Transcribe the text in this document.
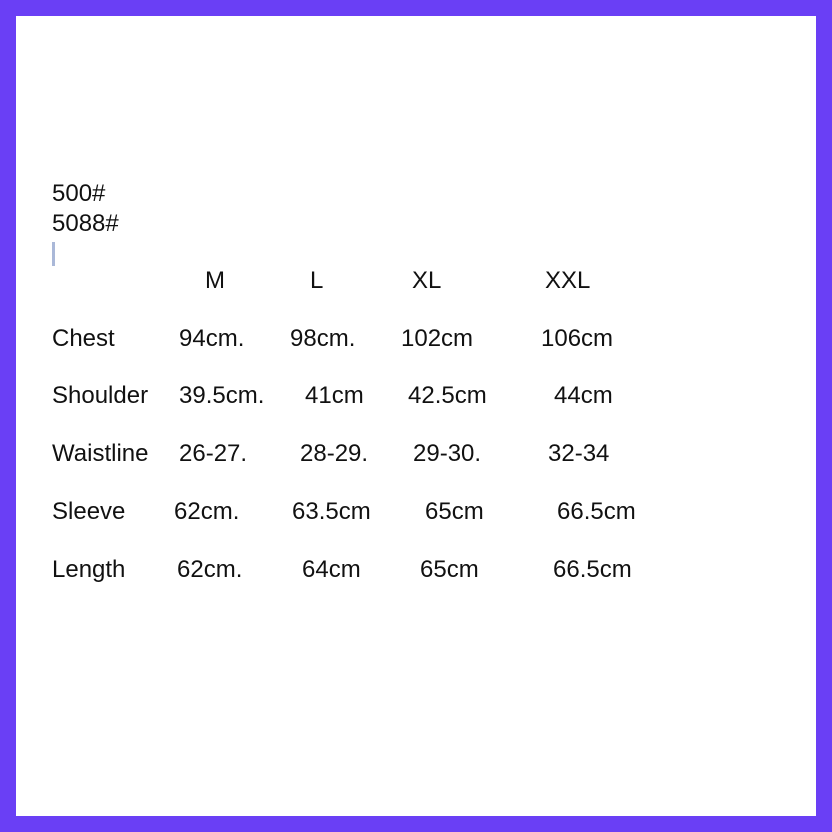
500#
5088#
M	L	XL	XXL
Chest	94cm. 98cm. 102cm	106cm
Shoulder 39.5cm. 41cm 42.5cm	44cm
Waistline 26-27. 28-29. 29-30.	32-34
Sleeve 62cm. 63.5cm 65cm	66.5cm
Length 62cm. 64cm 65cm	66.5cm
